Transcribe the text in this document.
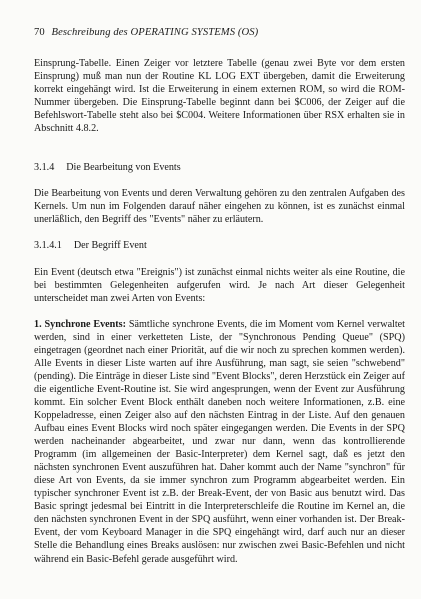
70 Beschreibung des OPERATING SYSTEMS (OS)

Einsprung-Tabelle. Einen Zeiger vor letztere Tabelle (genau zwei Byte vor dem ersten Einsprung) muß man nun der Routine KL LOG EXT übergeben, damit die Erweiterung korrekt eingehängt wird. Ist die Erweiterung in einem externen ROM, so wird die ROM-Nummer übergeben. Die Einsprung-Tabelle beginnt dann bei $C006, der Zeiger auf die Befehlswort-Tabelle steht also bei $C004. Weitere Informationen über RSX erhalten sie in Abschnitt 4.8.2.

3.1.4 Die Bearbeitung von Events

Die Bearbeitung von Events und deren Verwaltung gehören zu den zentralen Aufgaben des Kernels. Um nun im Folgenden darauf näher eingehen zu können, ist es zunächst einmal unerläßlich, den Begriff des "Events" näher zu erläutern.

3.1.4.1 Der Begriff Event

Ein Event (deutsch etwa "Ereignis") ist zunächst einmal nichts weiter als eine Routine, die bei bestimmten Gelegenheiten aufgerufen wird. Je nach Art dieser Gelegenheit unterscheidet man zwei Arten von Events:

1. Synchrone Events: Sämtliche synchrone Events, die im Moment vom Kernel verwaltet werden, sind in einer verketteten Liste, der "Synchronous Pending Queue" (SPQ) eingetragen (geordnet nach einer Priorität, auf die wir noch zu sprechen kommen werden). Alle Events in dieser Liste warten auf ihre Ausführung, man sagt, sie seien "schwebend" (pending). Die Einträge in dieser Liste sind "Event Blocks", deren Herzstück ein Zeiger auf die eigentliche Event-Routine ist. Sie wird angesprungen, wenn der Event zur Ausführung kommt. Ein solcher Event Block enthält daneben noch weitere Informationen, z.B. eine Koppeladresse, einen Zeiger also auf den nächsten Eintrag in der Liste. Auf den genauen Aufbau eines Event Blocks wird noch später eingegangen werden. Die Events in der SPQ werden nacheinander abgearbeitet, und zwar nur dann, wenn das kontrollierende Programm (im allgemeinen der Basic-Interpreter) dem Kernel sagt, daß es jetzt den nächsten synchronen Event auszuführen hat. Daher kommt auch der Name "synchron" für diese Art von Events, da sie immer synchron zum Programm abgearbeitet werden. Ein typischer synchroner Event ist z.B. der Break-Event, der von Basic aus benutzt wird. Das Basic springt jedesmal bei Eintritt in die Interpreterschleife die Routine im Kernel an, die den nächsten synchronen Event in der SPQ ausführt, wenn einer vorhanden ist. Der Break-Event, der vom Keyboard Manager in die SPQ eingehängt wird, darf auch nur an dieser Stelle die Behandlung eines Breaks auslösen: nur zwischen zwei Basic-Befehlen und nicht während ein Basic-Befehl gerade ausgeführt wird.
